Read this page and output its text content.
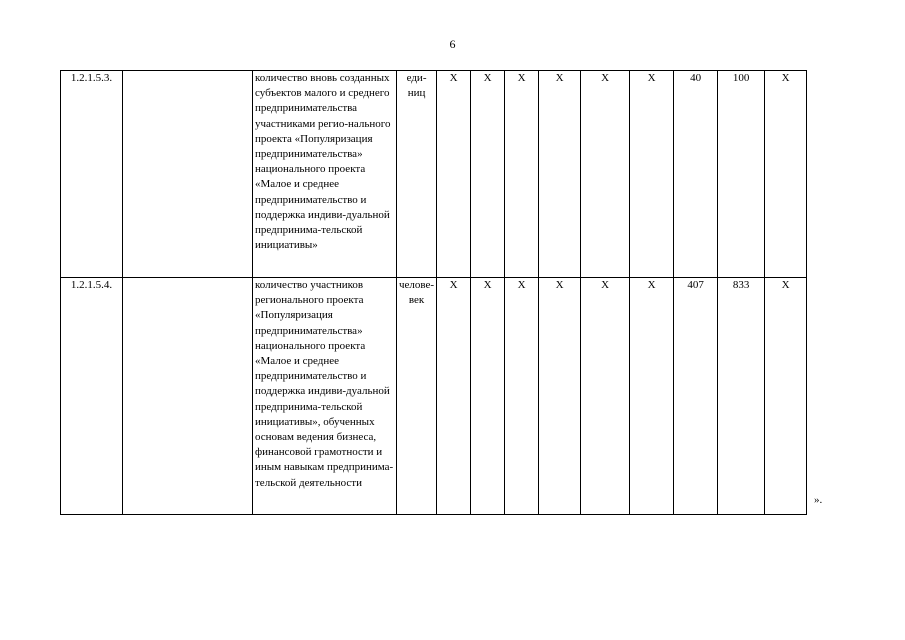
6
1.2.1.5.3.		количество вновь созданных субъектов малого и среднего предпринимательства участниками регио-нального проекта «Популяризация предпринимательства» национального проекта «Малое и среднее предпринимательство и поддержка индиви-дуальной предпринима-тельской инициативы»	еди-ниц	Х	Х	Х	Х	Х	Х	40	100	Х
1.2.1.5.4.		количество участников регионального проекта «Популяризация предпринимательства» национального проекта «Малое и среднее предпринимательство и поддержка индиви-дуальной предпринима-тельской инициативы», обученных основам ведения бизнеса, финансовой грамотности и иным навыкам предпринима-тельской деятельности	челове-век	Х	Х	Х	Х	Х	Х	407	833	Х
».
